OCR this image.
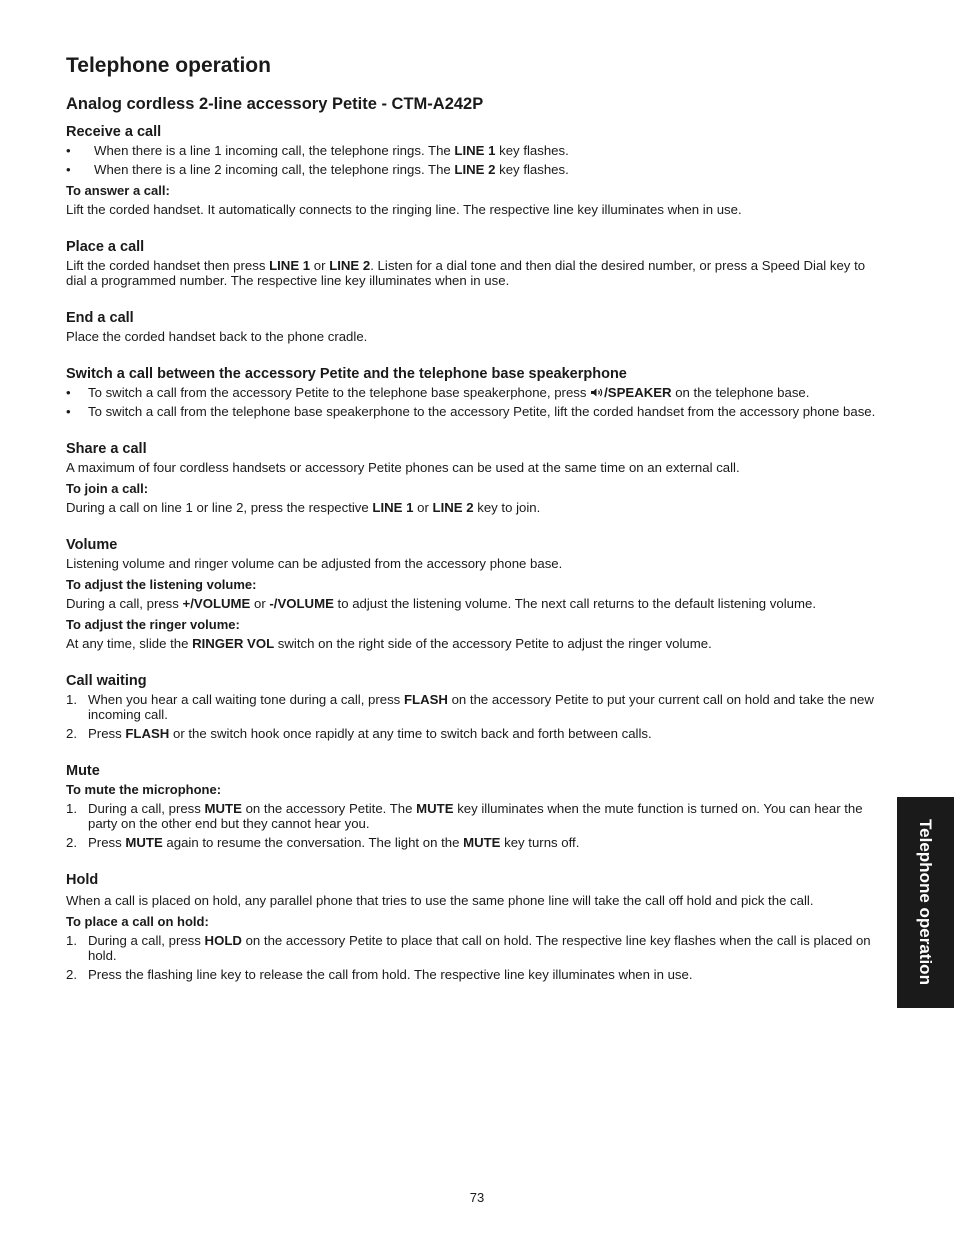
Telephone operation
Analog cordless 2-line accessory Petite - CTM-A242P
Receive a call
•	When there is a line 1 incoming call, the telephone rings. The LINE 1 key flashes.
•	When there is a line 2 incoming call, the telephone rings. The LINE 2 key flashes.
To answer a call:

Lift the corded handset. It automatically connects to the ringing line. The respective line key illuminates when in use.

Place a call

Lift the corded handset then press LINE 1 or LINE 2. Listen for a dial tone and then dial the desired number, or press a Speed Dial key to dial a programmed number. The respective line key illuminates when in use.

End a call

Place the corded handset back to the phone cradle.

Switch a call between the accessory Petite and the telephone base speakerphone
•	To switch a call from the accessory Petite to the telephone base speakerphone, press /SPEAKER on the telephone base.
•	To switch a call from the telephone base speakerphone to the accessory Petite, lift the corded handset from the accessory phone base.
Share a call

A maximum of four cordless handsets or accessory Petite phones can be used at the same time on an external call.

To join a call:

During a call on line 1 or line 2, press the respective LINE 1 or LINE 2 key to join.

Volume

Listening volume and ringer volume can be adjusted from the accessory phone base.

To adjust the listening volume:

During a call, press +/VOLUME or -/VOLUME to adjust the listening volume. The next call returns to the default listening volume.

To adjust the ringer volume:

At any time, slide the RINGER VOL switch on the right side of the accessory Petite to adjust the ringer volume.

Call waiting
1. When you hear a call waiting tone during a call, press FLASH on the accessory Petite to put your current call on hold and take the new incoming call.
2. Press FLASH or the switch hook once rapidly at any time to switch back and forth between calls.
Mute
To mute the microphone:
1. During a call, press MUTE on the accessory Petite. The MUTE key illuminates when the mute function is turned on. You can hear the party on the other end but they cannot hear you.
2. Press MUTE again to resume the conversation. The light on the MUTE key turns off.
Hold

When a call is placed on hold, any parallel phone that tries to use the same phone line will take the call off hold and pick the call.

To place a call on hold:
1. During a call, press HOLD on the accessory Petite to place that call on hold. The respective line key flashes when the call is placed on hold.
2. Press the flashing line key to release the call from hold. The respective line key illuminates when in use.	Telephone operation
73
